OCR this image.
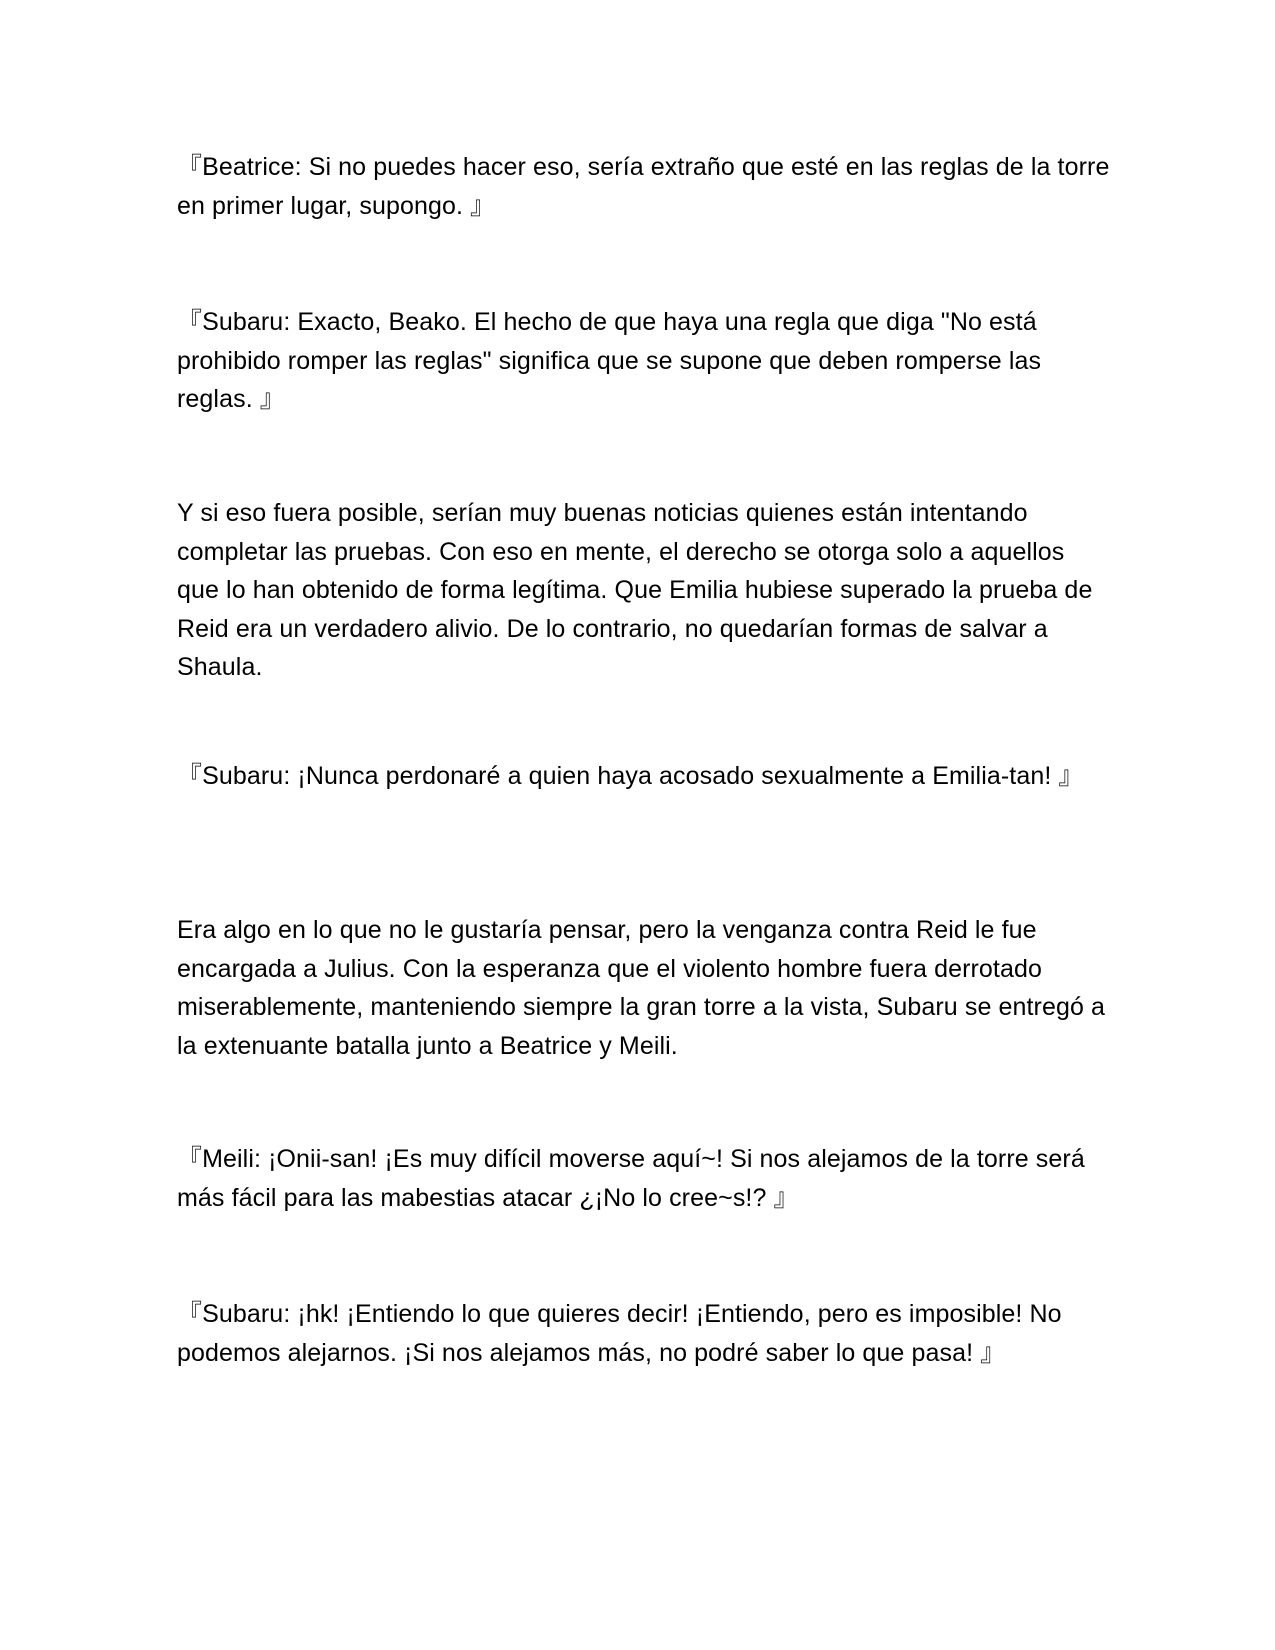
『Beatrice: Si no puedes hacer eso, sería extraño que esté en las reglas de la torre en primer lugar, supongo. 』

『Subaru: Exacto, Beako. El hecho de que haya una regla que diga "No está prohibido romper las reglas" significa que se supone que deben romperse las reglas. 』

Y si eso fuera posible, serían muy buenas noticias quienes están intentando completar las pruebas. Con eso en mente, el derecho se otorga solo a aquellos que lo han obtenido de forma legítima. Que Emilia hubiese superado la prueba de Reid era un verdadero alivio. De lo contrario, no quedarían formas de salvar a Shaula.

『Subaru: ¡Nunca perdonaré a quien haya acosado sexualmente a Emilia-tan! 』

Era algo en lo que no le gustaría pensar, pero la venganza contra Reid le fue encargada a Julius. Con la esperanza que el violento hombre fuera derrotado miserablemente, manteniendo siempre la gran torre a la vista, Subaru se entregó a la extenuante batalla junto a Beatrice y Meili.

『Meili: ¡Onii-san! ¡Es muy difícil moverse aquí~! Si nos alejamos de la torre será más fácil para las mabestias atacar ¿¡No lo cree~s!? 』

『Subaru: ¡hk! ¡Entiendo lo que quieres decir! ¡Entiendo, pero es imposible! No podemos alejarnos. ¡Si nos alejamos más, no podré saber lo que pasa! 』
